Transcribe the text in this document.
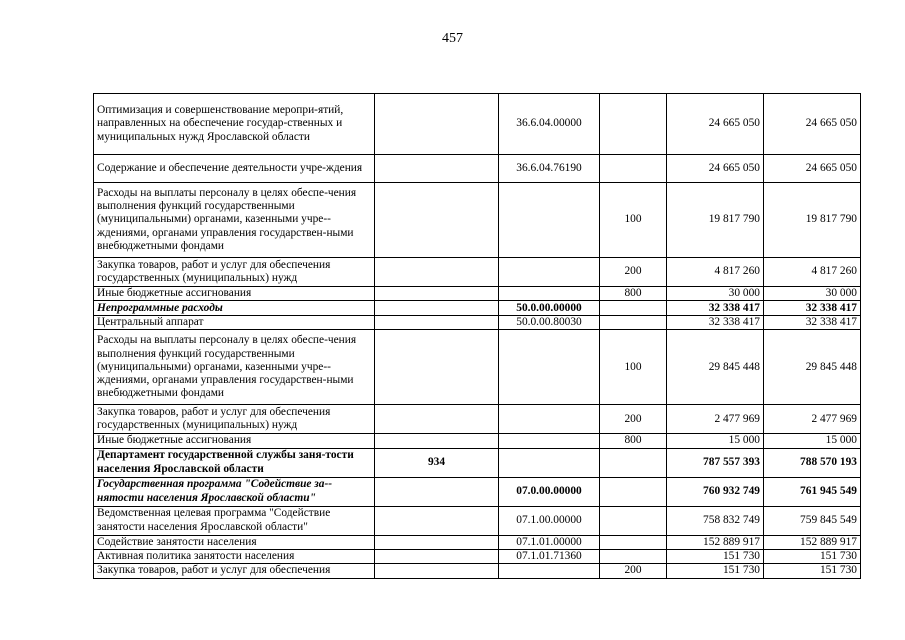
457
Оптимизация и совершенствование меропри-ятий, направленных на обеспечение государ-ственных и муниципальных нужд Ярославской области		36.6.04.00000		24 665 050	24 665 050
Содержание и обеспечение деятельности учре-ждения		36.6.04.76190		24 665 050	24 665 050
Расходы на выплаты персоналу в целях обеспе-чения выполнения функций государственными (муниципальными) органами, казенными учре-ждениями, органами управления государствен-ными внебюджетными фондами			100	19 817 790	19 817 790
Закупка товаров, работ и услуг для обеспечения государственных (муниципальных) нужд			200	4 817 260	4 817 260
Иные бюджетные ассигнования			800	30 000	30 000
Непрограммные расходы		50.0.00.00000		32 338 417	32 338 417
Центральный аппарат		50.0.00.80030		32 338 417	32 338 417
Расходы на выплаты персоналу в целях обеспе-чения выполнения функций государственными (муниципальными) органами, казенными учре-ждениями, органами управления государствен-ными внебюджетными фондами			100	29 845 448	29 845 448
Закупка товаров, работ и услуг для обеспечения государственных (муниципальных) нужд			200	2 477 969	2 477 969
Иные бюджетные ассигнования			800	15 000	15 000
Департамент государственной службы заня-тости населения Ярославской области	934			787 557 393	788 570 193
Государственная программа "Содействие за-нятости населения Ярославской области"		07.0.00.00000		760 932 749	761 945 549
Ведомственная целевая программа "Содействие занятости населения Ярославской области"		07.1.00.00000		758 832 749	759 845 549
Содействие занятости населения		07.1.01.00000		152 889 917	152 889 917
Активная политика занятости населения		07.1.01.71360		151 730	151 730
Закупка товаров, работ и услуг для обеспечения			200	151 730	151 730
